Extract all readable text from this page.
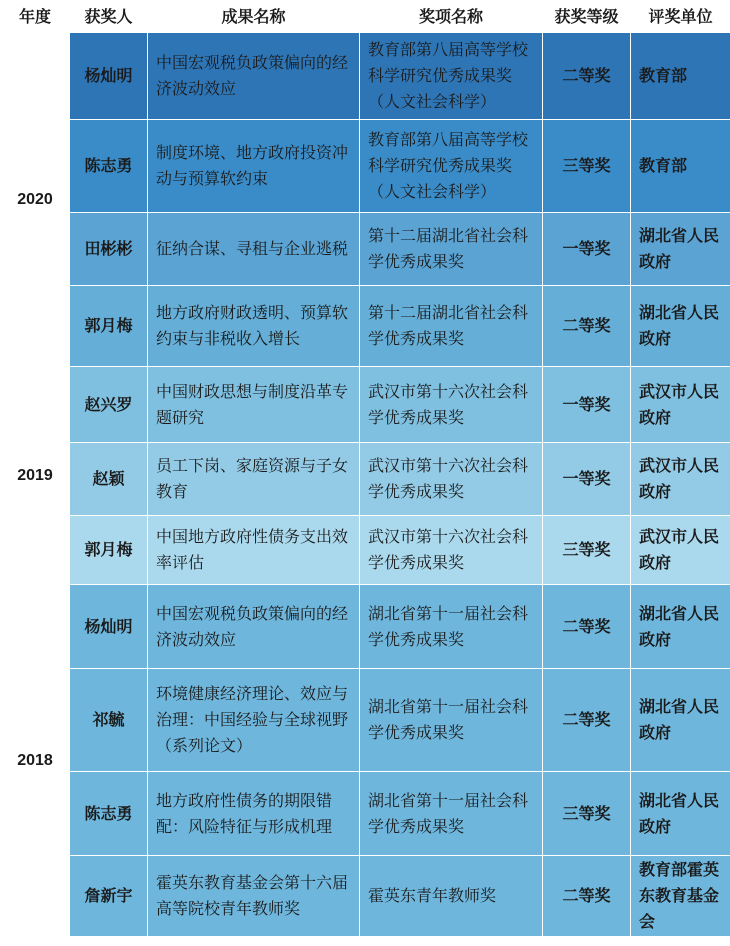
年度	获奖人	成果名称	奖项名称	获奖等级	评奖单位
2020	杨灿明	中国宏观税负政策偏向的经济波动效应	教育部第八届高等学校科学研究优秀成果奖（人文社会科学）	二等奖	教育部
	陈志勇	制度环境、地方政府投资冲动与预算软约束	教育部第八届高等学校科学研究优秀成果奖（人文社会科学）	三等奖	教育部
	田彬彬	征纳合谋、寻租与企业逃税	第十二届湖北省社会科学优秀成果奖	一等奖	湖北省人民政府
	郭月梅	地方政府财政透明、预算软约束与非税收入增长	第十二届湖北省社会科学优秀成果奖	二等奖	湖北省人民政府
2019	赵兴罗	中国财政思想与制度沿革专题研究	武汉市第十六次社会科学优秀成果奖	一等奖	武汉市人民政府
	赵颖	员工下岗、家庭资源与子女教育	武汉市第十六次社会科学优秀成果奖	一等奖	武汉市人民政府
	郭月梅	中国地方政府性债务支出效率评估	武汉市第十六次社会科学优秀成果奖	三等奖	武汉市人民政府
2018	杨灿明	中国宏观税负政策偏向的经济波动效应	湖北省第十一届社会科学优秀成果奖	二等奖	湖北省人民政府
	祁毓	环境健康经济理论、效应与治理：中国经验与全球视野（系列论文）	湖北省第十一届社会科学优秀成果奖	二等奖	湖北省人民政府
	陈志勇	地方政府性债务的期限错配：风险特征与形成机理	湖北省第十一届社会科学优秀成果奖	三等奖	湖北省人民政府
	詹新宇	霍英东教育基金会第十六届高等院校青年教师奖	霍英东青年教师奖	二等奖	教育部霍英东教育基金会
